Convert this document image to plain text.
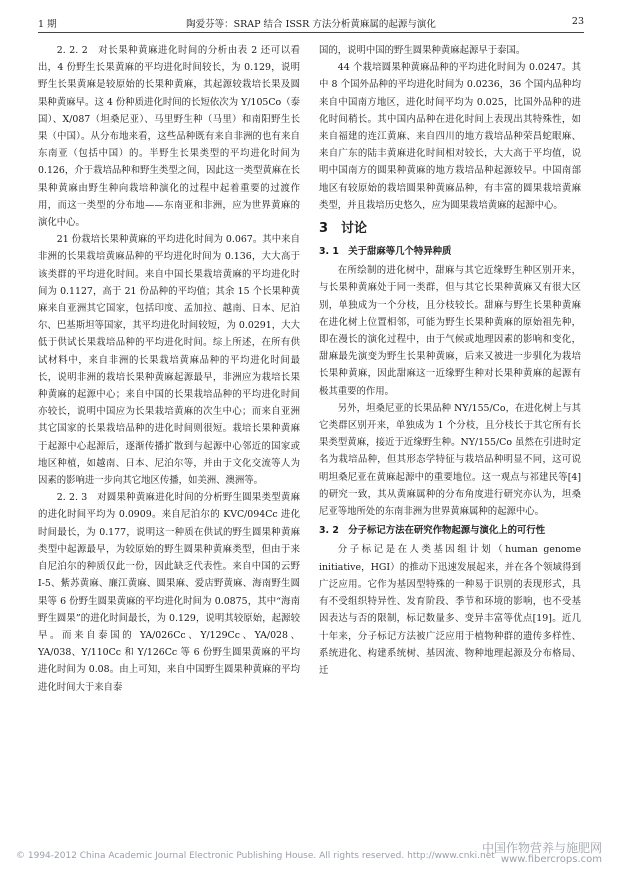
1 期	陶爱芬等：SRAP 结合 ISSR 方法分析黄麻属的起源与演化	23

2. 2. 2　对长果种黄麻进化时间的分析由表 2 还可以看出，4 份野生长果黄麻的平均进化时间较长，为 0.129，说明野生长果黄麻是较原始的长果种黄麻，其起源较栽培长果及圆果种黄麻早。这 4 份种质进化时间的长短依次为 Y/105Co（泰国）、X/087（坦桑尼亚）、马里野生种（马里）和南阳野生长果（中国）。从分布地来看，这些品种既有来自非洲的也有来自东南亚（包括中国）的。半野生长果类型的平均进化时间为 0.126，介于栽培品种和野生类型之间，因此这一类型黄麻在长果种黄麻由野生种向栽培种演化的过程中起着重要的过渡作用，而这一类型的分布地——东南亚和非洲，应为世界黄麻的演化中心。

21 份栽培长果种黄麻的平均进化时间为 0.067。其中来自非洲的长果栽培黄麻品种的平均进化时间为 0.136，大大高于该类群的平均进化时间。来自中国长果栽培黄麻的平均进化时间为 0.1127，高于 21 份品种的平均值；其余 15 个长果种黄麻来自亚洲其它国家，包括印度、孟加拉、越南、日本、尼泊尔、巴基斯坦等国家，其平均进化时间较短，为 0.0291，大大低于供试长果栽培品种的平均进化时间。综上所述，在所有供试材料中，来自非洲的长果栽培黄麻品种的平均进化时间最长，说明非洲的栽培长果种黄麻起源最早，非洲应为栽培长果种黄麻的起源中心；来自中国的长果栽培品种的平均进化时间亦较长，说明中国应为长果栽培黄麻的次生中心；而来自亚洲其它国家的长果栽培品种的进化时间则很短。栽培长果种黄麻于起源中心起源后，逐渐传播扩散到与起源中心邻近的国家或地区种植，如越南、日本、尼泊尔等，并由于文化交流等人为因素的影响进一步向其它地区传播，如美洲、澳洲等。

2. 2. 3　对圆果种黄麻进化时间的分析野生圆果类型黄麻的进化时间平均为 0.0909。来自尼泊尔的 KVC/094Cc 进化时间最长，为 0.177，说明这一种质在供试的野生圆果种黄麻类型中起源最早，为较原始的野生圆果种黄麻类型，但由于来自尼泊尔的种质仅此一份，因此缺乏代表性。来自中国的云野 I-5、紫苏黄麻、廉江黄麻、圆果麻、爱店野黄麻、海南野生圆果等 6 份野生圆果黄麻的平均进化时间为 0.0875，其中“海南野生圆果”的进化时间最长，为 0.129，说明其较原始，起源较早。而来自泰国的 YA/026Cc、Y/129Cc、YA/028、YA/038、Y/110Cc 和 Y/126Cc 等 6 份野生圆果黄麻的平均进化时间为 0.08。由上可知，来自中国野生圆果种黄麻的平均进化时间大于来自泰

国的，说明中国的野生圆果种黄麻起源早于泰国。

44 个栽培圆果种黄麻品种的平均进化时间为 0.0247。其中 8 个国外品种的平均进化时间为 0.0236，36 个国内品种均来自中国南方地区，进化时间平均为 0.025，比国外品种的进化时间稍长。其中国内品种在进化时间上表现出其特殊性，如来自福建的连江黄麻、来自四川的地方栽培品种荣昌蛇眼麻、来自广东的陆丰黄麻进化时间相对较长，大大高于平均值，说明中国南方的圆果种黄麻的地方栽培品种起源较早。中国南部地区有较原始的栽培圆果种黄麻品种，有丰富的圆果栽培黄麻类型，并且栽培历史悠久，应为圆果栽培黄麻的起源中心。

3　讨论
3. 1　关于甜麻等几个特异种质

在所绘制的进化树中，甜麻与其它近缘野生种区别开来，与长果种黄麻处于同一类群，但与其它长果种黄麻又有很大区别，单独成为一个分枝，且分枝较长。甜麻与野生长果种黄麻在进化树上位置相邻，可能为野生长果种黄麻的原始祖先种，即在漫长的演化过程中，由于气候或地理因素的影响和变化，甜麻最先演变为野生长果种黄麻，后来又被进一步驯化为栽培长果种黄麻，因此甜麻这一近缘野生种对长果种黄麻的起源有极其重要的作用。

另外，坦桑尼亚的长果品种 NY/155/Co，在进化树上与其它类群区别开来，单独成为 1 个分枝，且分枝长于其它所有长果类型黄麻，接近于近缘野生种。NY/155/Co 虽然在引进时定名为栽培品种，但其形态学特征与栽培品种明显不同，这可说明坦桑尼亚在黄麻起源中的重要地位。这一观点与祁建民等[4]的研究一致，其从黄麻属种的分布角度进行研究亦认为，坦桑尼亚等地所处的东南非洲为世界黄麻属种的起源中心。

3. 2　分子标记方法在研究作物起源与演化上的可行性

分子标记是在人类基因组计划（human genome initiative，HGI）的推动下迅速发展起来，并在各个领域得到广泛应用。它作为基因型特殊的一种易于识别的表现形式，具有不受组织特异性、发育阶段、季节和环境的影响，也不受基因表达与否的限制，标记数量多、变异丰富等优点[19]。近几十年来，分子标记方法被广泛应用于植物种群的遗传多样性、系统进化、构建系统树、基因流、物种地理起源及分布格局、迁

© 1994-2012 China Academic Journal Electronic Publishing House. All rights reserved. http://www.cnki.net
中国作物营养与施肥网
www.fibercrops.com
